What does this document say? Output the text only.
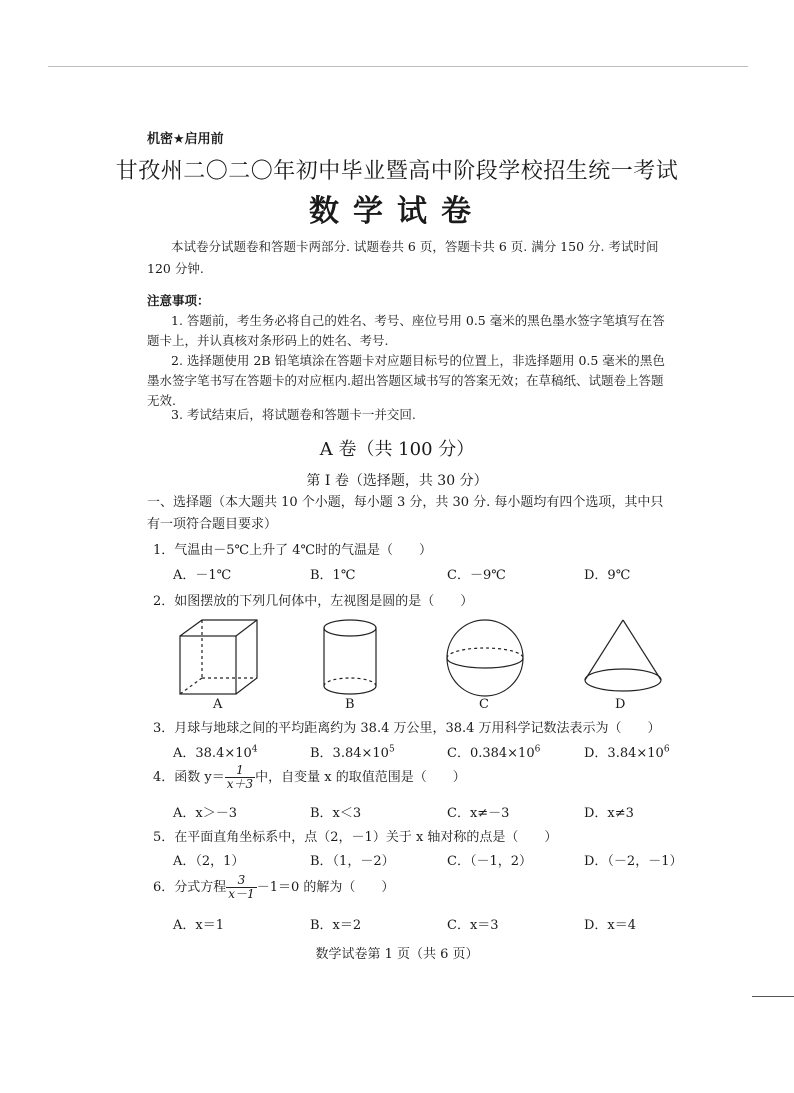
机密★启用前
甘孜州二〇二〇年初中毕业暨高中阶段学校招生统一考试
数学试卷
本试卷分试题卷和答题卡两部分. 试题卷共 6 页，答题卡共 6 页. 满分 150 分. 考试时间 120 分钟.
注意事项：
1. 答题前，考生务必将自己的姓名、考号、座位号用 0.5 毫米的黑色墨水签字笔填写在答题卡上，并认真核对条形码上的姓名、考号.
2. 选择题使用 2B 铅笔填涂在答题卡对应题目标号的位置上，非选择题用 0.5 毫米的黑色墨水签字笔书写在答题卡的对应框内.超出答题区域书写的答案无效；在草稿纸、试题卷上答题无效.
3. 考试结束后，将试题卷和答题卡一并交回.
A 卷（共 100 分）
第 I 卷（选择题，共 30 分）
一、选择题（本大题共 10 个小题，每小题 3 分，共 30 分. 每小题均有四个选项，其中只有一项符合题目要求）
1．气温由－5℃上升了 4℃时的气温是（　　）
A．－1℃	B．1℃	C．－9℃	D．9℃
2．如图摆放的下列几何体中，左视图是圆的是（　　）
A	B	C	D
3．月球与地球之间的平均距离约为 38.4 万公里，38.4 万用科学记数法表示为（　　）
A．$38.4\times 10^4$	B．$3.84\times 10^5$	C．$0.384\times 10^6$	D．$3.84\times 10^6$
4．函数 $y= \frac{1}{x+3}$ 中，自变量 x 的取值范围是（　　）
A．x＞－3	B．x＜3	C．x≠－3	D．x≠3
5．在平面直角坐标系中，点（2，－1）关于 x 轴对称的点是（　　）
A．（2，1）	B．（1，－2）	C．（－1，2）	D．（－2，－1）
6．分式方程 $\frac{3}{x-1} -1=0$ 的解为（　　）
A．x＝1	B．x＝2	C．x＝3	D．x＝4
数学试卷第 1 页（共 6 页）
